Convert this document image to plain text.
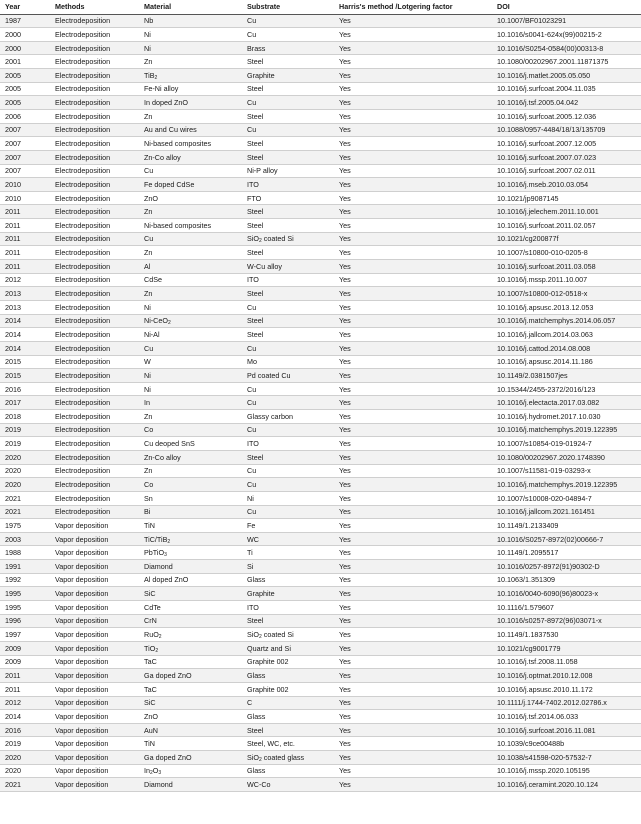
Year	Methods	Material	Substrate	Harris's method /Lotgering factor	DOI
1987	Electrodeposition	Nb	Cu	Yes	10.1007/BF01023291
2000	Electrodeposition	Ni	Cu	Yes	10.1016/s0041-624x(99)00215-2
2000	Electrodeposition	Ni	Brass	Yes	10.1016/S0254-0584(00)00313-8
2001	Electrodeposition	Zn	Steel	Yes	10.1080/00202967.2001.11871375
2005	Electrodeposition	TiB$_2$	Graphite	Yes	10.1016/j.matlet.2005.05.050
2005	Electrodeposition	Fe-Ni alloy	Steel	Yes	10.1016/j.surfcoat.2004.11.035
2005	Electrodeposition	In doped ZnO	Cu	Yes	10.1016/j.tsf.2005.04.042
2006	Electrodeposition	Zn	Steel	Yes	10.1016/j.surfcoat.2005.12.036
2007	Electrodeposition	Au and Cu wires	Cu	Yes	10.1088/0957-4484/18/13/135709
2007	Electrodeposition	Ni-based composites	Steel	Yes	10.1016/j.surfcoat.2007.12.005
2007	Electrodeposition	Zn-Co alloy	Steel	Yes	10.1016/j.surfcoat.2007.07.023
2007	Electrodeposition	Cu	Ni-P alloy	Yes	10.1016/j.surfcoat.2007.02.011
2010	Electrodeposition	Fe doped CdSe	ITO	Yes	10.1016/j.mseb.2010.03.054
2010	Electrodeposition	ZnO	FTO	Yes	10.1021/jp9087145
2011	Electrodeposition	Zn	Steel	Yes	10.1016/j.jelechem.2011.10.001
2011	Electrodeposition	Ni-based composites	Steel	Yes	10.1016/j.surfcoat.2011.02.057
2011	Electrodeposition	Cu	SiO$_2$ coated Si	Yes	10.1021/cg200877f
2011	Electrodeposition	Zn	Steel	Yes	10.1007/s10800-010-0205-8
2011	Electrodeposition	Al	W-Cu alloy	Yes	10.1016/j.surfcoat.2011.03.058
2012	Electrodeposition	CdSe	ITO	Yes	10.1016/j.mssp.2011.10.007
2013	Electrodeposition	Zn	Steel	Yes	10.1007/s10800-012-0518-x
2013	Electrodeposition	Ni	Cu	Yes	10.1016/j.apsusc.2013.12.053
2014	Electrodeposition	Ni-CeO$_2$	Steel	Yes	10.1016/j.matchemphys.2014.06.057
2014	Electrodeposition	Ni-Al	Steel	Yes	10.1016/j.jallcom.2014.03.063
2014	Electrodeposition	Cu	Cu	Yes	10.1016/j.cattod.2014.08.008
2015	Electrodeposition	W	Mo	Yes	10.1016/j.apsusc.2014.11.186
2015	Electrodeposition	Ni	Pd coated Cu	Yes	10.1149/2.0381507jes
2016	Electrodeposition	Ni	Cu	Yes	10.15344/2455-2372/2016/123
2017	Electrodeposition	In	Cu	Yes	10.1016/j.electacta.2017.03.082
2018	Electrodeposition	Zn	Glassy carbon	Yes	10.1016/j.hydromet.2017.10.030
2019	Electrodeposition	Co	Cu	Yes	10.1016/j.matchemphys.2019.122395
2019	Electrodeposition	Cu deoped SnS	ITO	Yes	10.1007/s10854-019-01924-7
2020	Electrodeposition	Zn-Co alloy	Steel	Yes	10.1080/00202967.2020.1748390
2020	Electrodeposition	Zn	Cu	Yes	10.1007/s11581-019-03293-x
2020	Electrodeposition	Co	Cu	Yes	10.1016/j.matchemphys.2019.122395
2021	Electrodeposition	Sn	Ni	Yes	10.1007/s10008-020-04894-7
2021	Electrodeposition	Bi	Cu	Yes	10.1016/j.jallcom.2021.161451
1975	Vapor deposition	TiN	Fe	Yes	10.1149/1.2133409
2003	Vapor deposition	TiC/TiB$_2$	WC	Yes	10.1016/S0257-8972(02)00666-7
1988	Vapor deposition	PbTiO$_3$	Ti	Yes	10.1149/1.2095517
1991	Vapor deposition	Diamond	Si	Yes	10.1016/0257-8972(91)90302-D
1992	Vapor deposition	Al doped ZnO	Glass	Yes	10.1063/1.351309
1995	Vapor deposition	SiC	Graphite	Yes	10.1016/0040-6090(96)80023-x
1995	Vapor deposition	CdTe	ITO	Yes	10.1116/1.579607
1996	Vapor deposition	CrN	Steel	Yes	10.1016/s0257-8972(96)03071-x
1997	Vapor deposition	RuO$_2$	SiO$_2$ coated Si	Yes	10.1149/1.1837530
2009	Vapor deposition	TiO$_2$	Quartz and Si	Yes	10.1021/cg9001779
2009	Vapor deposition	TaC	Graphite 002	Yes	10.1016/j.tsf.2008.11.058
2011	Vapor deposition	Ga doped ZnO	Glass	Yes	10.1016/j.optmat.2010.12.008
2011	Vapor deposition	TaC	Graphite 002	Yes	10.1016/j.apsusc.2010.11.172
2012	Vapor deposition	SiC	C	Yes	10.1111/j.1744-7402.2012.02786.x
2014	Vapor deposition	ZnO	Glass	Yes	10.1016/j.tsf.2014.06.033
2016	Vapor deposition	AuN	Steel	Yes	10.1016/j.surfcoat.2016.11.081
2019	Vapor deposition	TiN	Steel, WC, etc.	Yes	10.1039/c9ce00488b
2020	Vapor deposition	Ga doped ZnO	SiO$_2$ coated glass	Yes	10.1038/s41598-020-57532-7
2020	Vapor deposition	$In_2O_3$	Glass	Yes	10.1016/j.mssp.2020.105195
2021	Vapor deposition	Diamond	WC-Co	Yes	10.1016/j.ceramint.2020.10.124
